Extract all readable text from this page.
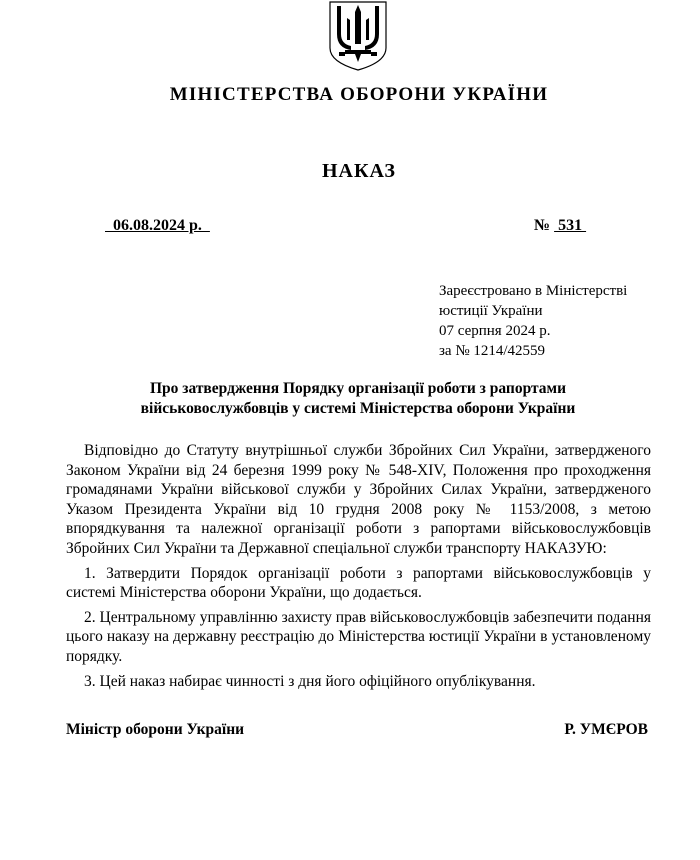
МІНІСТЕРСТВА ОБОРОНИ УКРАЇНИ
НАКАЗ
06.08.2024 р.	№  531
Зареєстровано в Міністерстві
юстиції України
07 серпня 2024 р.
за № 1214/42559
Про затвердження Порядку організації роботи з рапортами
військовослужбовців у системі Міністерства оборони України

Відповідно до Статуту внутрішньої служби Збройних Сил України, затвердженого Законом України від 24 березня 1999 року № 548-XIV, Положення про проходження громадянами України військової служби у Збройних Силах України, затвердженого Указом Президента України від 10 грудня 2008 року № 1153/2008, з метою впорядкування та належної організації роботи з рапортами військовослужбовців Збройних Сил України та Державної спеціальної служби транспорту НАКАЗУЮ:

1. Затвердити Порядок організації роботи з рапортами військовослужбовців у системі Міністерства оборони України, що додається.

2. Центральному управлінню захисту прав військовослужбовців забезпечити подання цього наказу на державну реєстрацію до Міністерства юстиції України в установленому порядку.

3. Цей наказ набирає чинності з дня його офіційного опублікування.

Міністр оборони України	Р. УМЄРОВ
